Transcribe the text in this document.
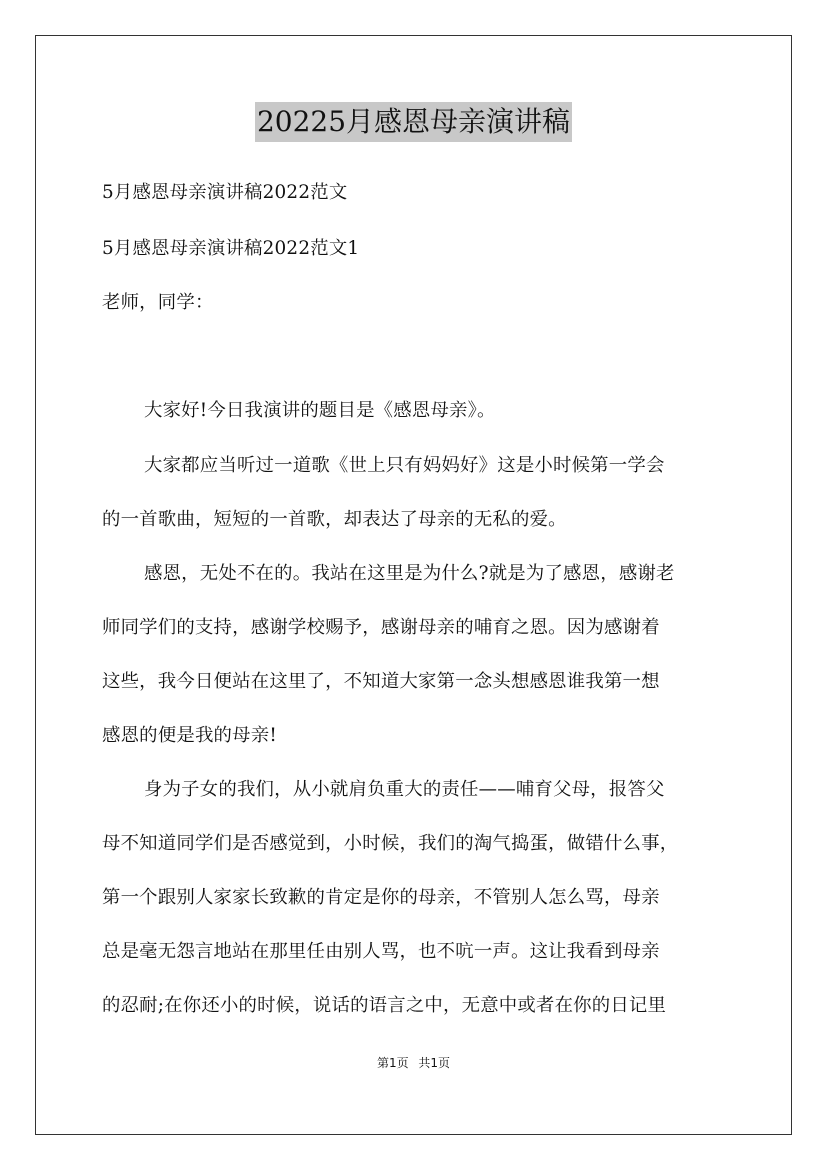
20225月感恩母亲演讲稿
5月感恩母亲演讲稿2022范文
5月感恩母亲演讲稿2022范文1
老师，同学：
大家好!今日我演讲的题目是《感恩母亲》。
大家都应当听过一道歌《世上只有妈妈好》这是小时候第一学会
的一首歌曲，短短的一首歌，却表达了母亲的无私的爱。
感恩，无处不在的。我站在这里是为什么?就是为了感恩，感谢老
师同学们的支持，感谢学校赐予，感谢母亲的哺育之恩。因为感谢着
这些，我今日便站在这里了，不知道大家第一念头想感恩谁我第一想
感恩的便是我的母亲!
身为子女的我们，从小就肩负重大的责任——哺育父母，报答父
母不知道同学们是否感觉到，小时候，我们的淘气捣蛋，做错什么事，
第一个跟别人家家长致歉的肯定是你的母亲，不管别人怎么骂，母亲
总是毫无怨言地站在那里任由别人骂，也不吭一声。这让我看到母亲
的忍耐;在你还小的时候，说话的语言之中，无意中或者在你的日记里
第1页 共1页
